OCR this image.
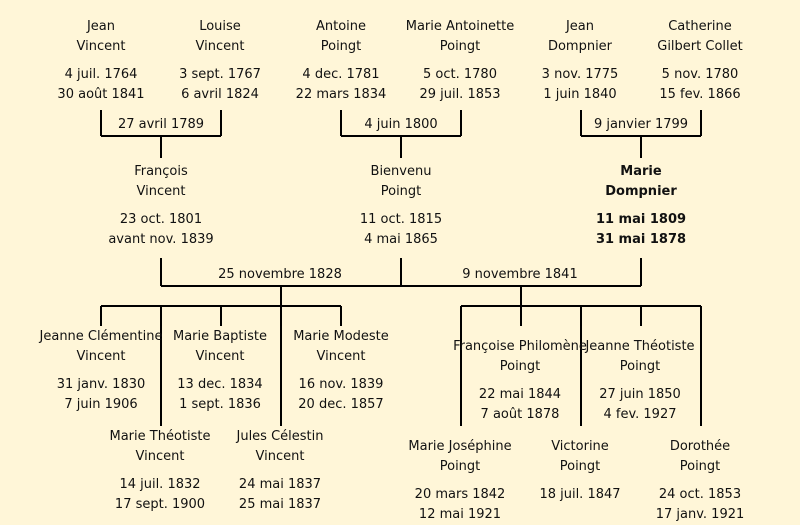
Jean
Vincent
4 juil. 1764
30 août 1841
Louise
Vincent
3 sept. 1767
6 avril 1824
Antoine
Poingt
4 dec. 1781
22 mars 1834
Marie Antoinette
Poingt
5 oct. 1780
29 juil. 1853
Jean
Dompnier
3 nov. 1775
1 juin 1840
Catherine
Gilbert Collet
5 nov. 1780
15 fev. 1866
27 avril 1789	4 juin 1800	9 janvier 1799
François
Vincent
23 oct. 1801
avant nov. 1839
Bienvenu
Poingt
11 oct. 1815
4 mai 1865
Marie
Dompnier
11 mai 1809
31 mai 1878
25 novembre 1828	9 novembre 1841
Jeanne Clémentine
Vincent
31 janv. 1830
7 juin 1906
Marie Baptiste
Vincent
13 dec. 1834
1 sept. 1836
Marie Modeste
Vincent
16 nov. 1839
20 dec. 1857
Françoise Philomène
Poingt
22 mai 1844
7 août 1878
Jeanne Théotiste
Poingt
27 juin 1850
4 fev. 1927
Marie Théotiste
Vincent
14 juil. 1832
17 sept. 1900
Jules Célestin
Vincent
24 mai 1837
25 mai 1837
Marie Joséphine
Poingt
20 mars 1842
12 mai 1921
Victorine
Poingt
18 juil. 1847
Dorothée
Poingt
24 oct. 1853
17 janv. 1921
